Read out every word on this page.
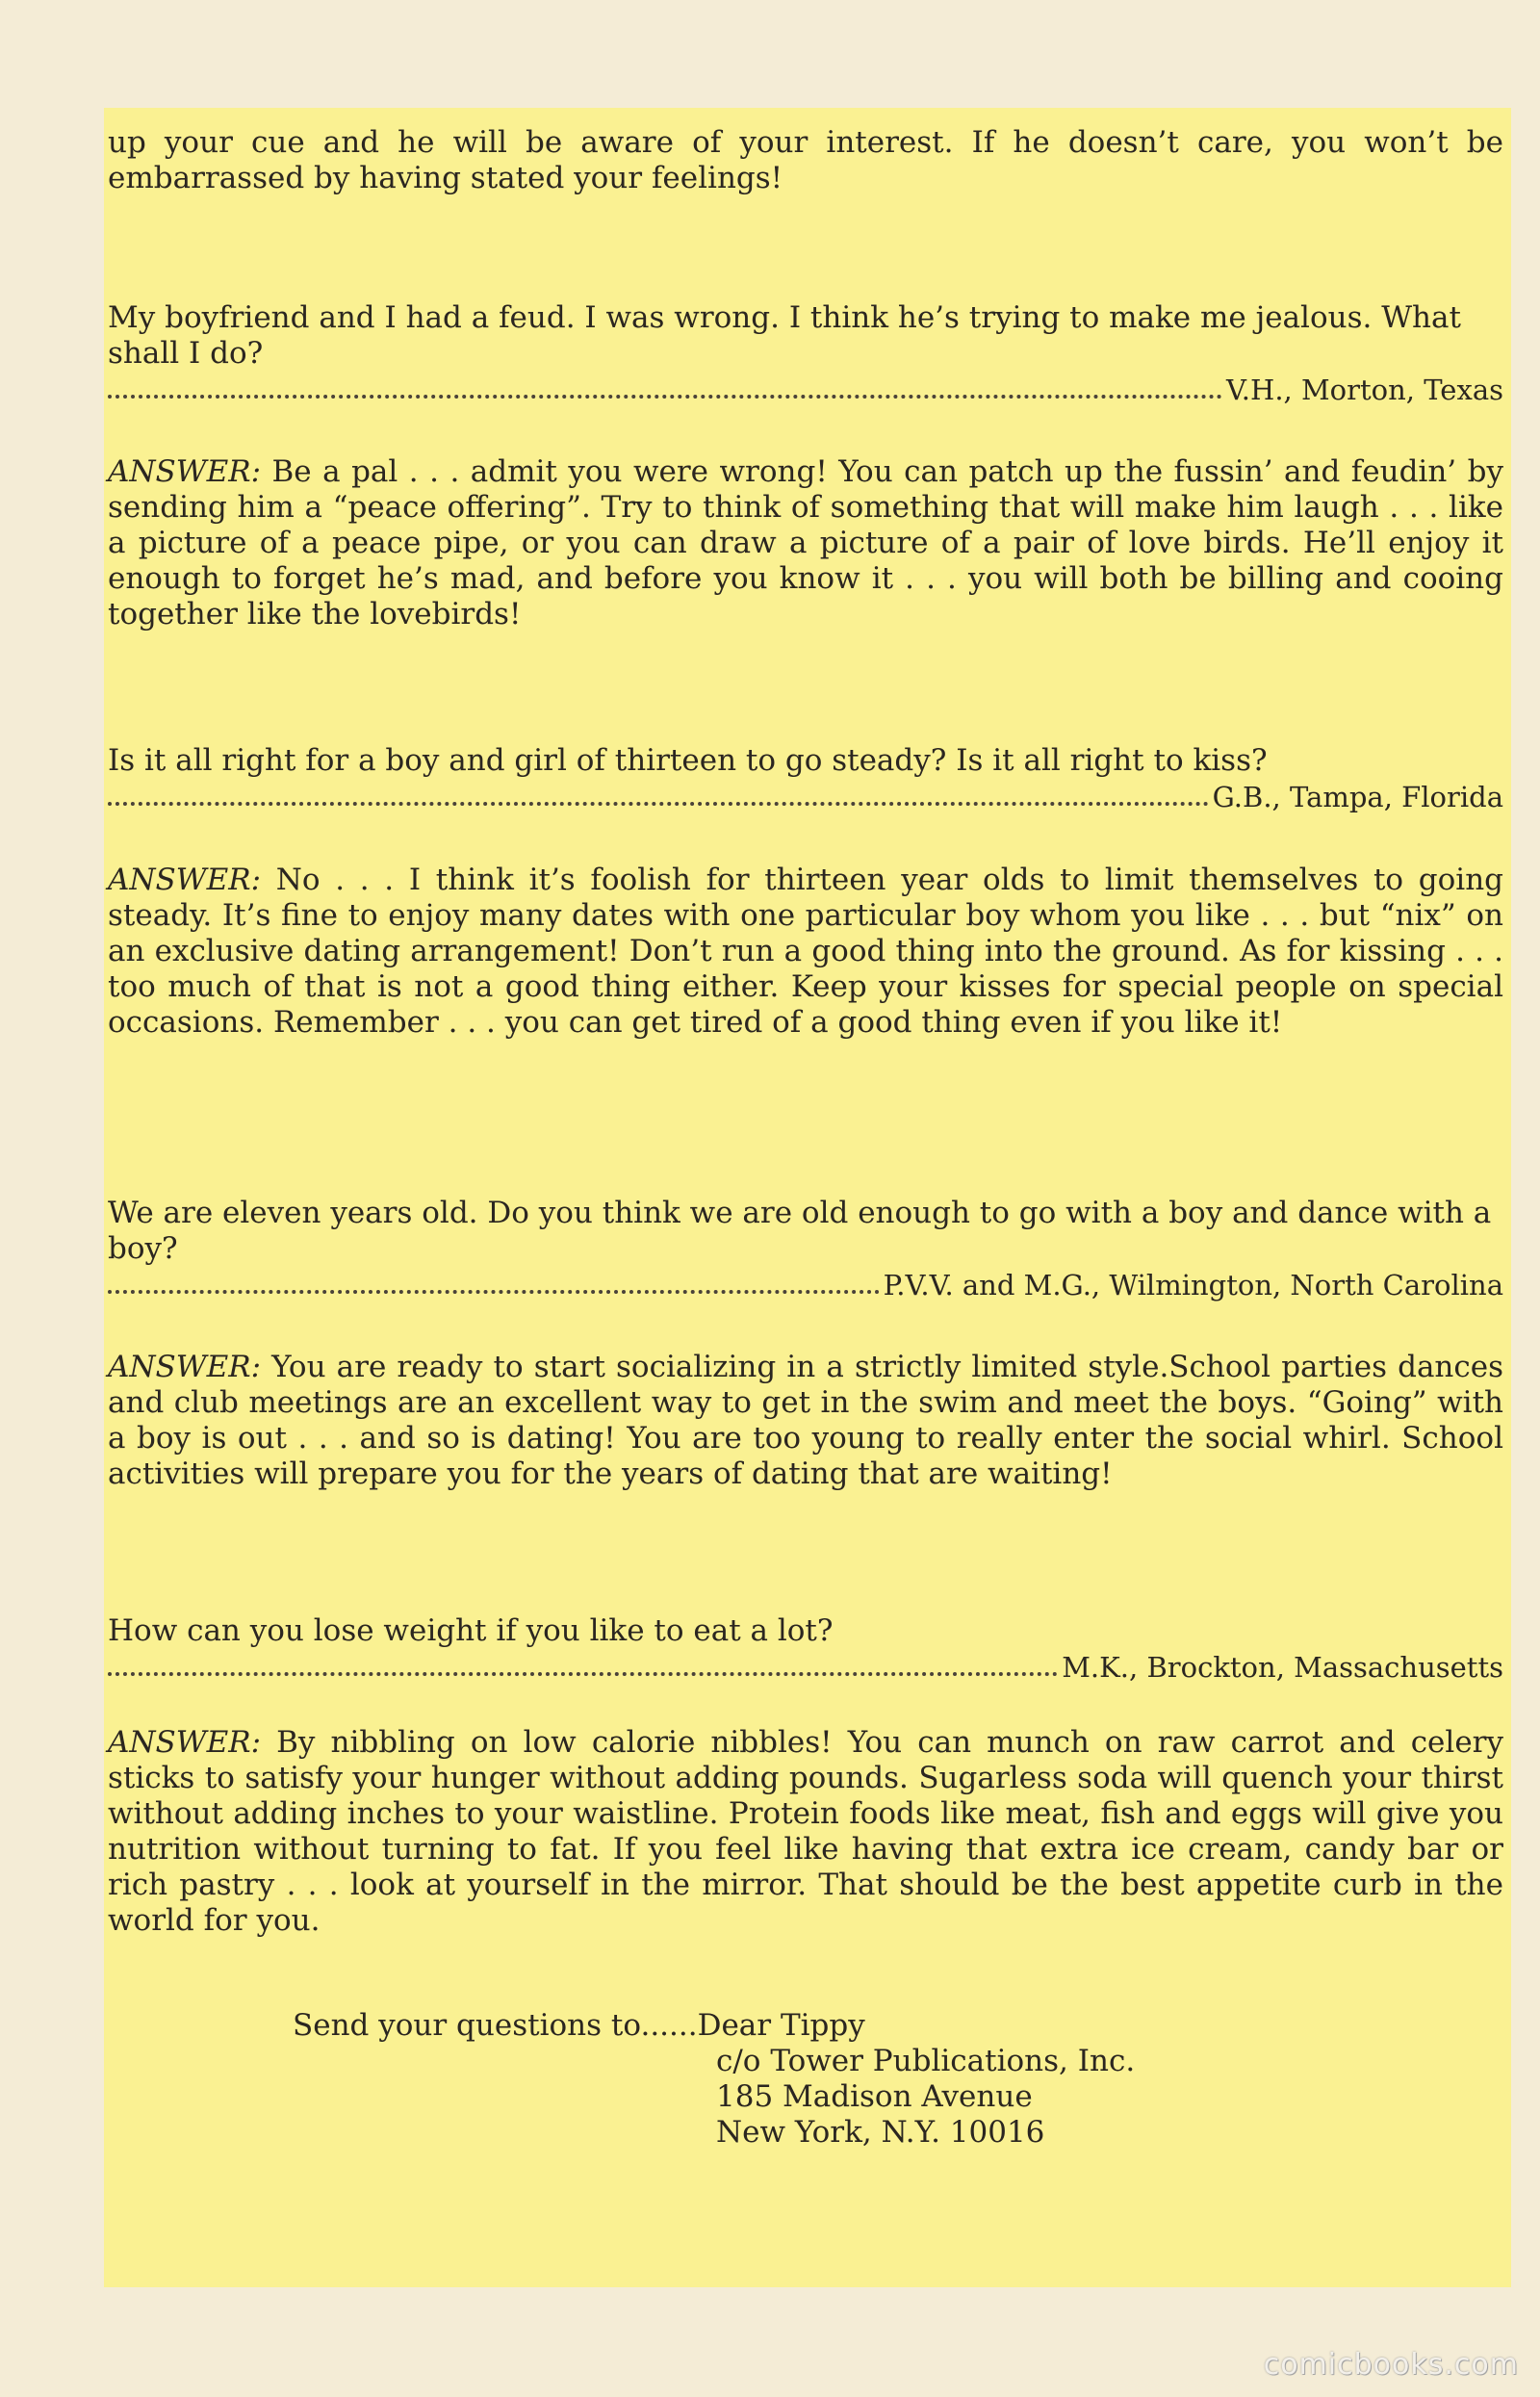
up your cue and he will be aware of your interest. If he doesn’t care, you won’t be embarrassed by having stated your feelings!

My boyfriend and I had a feud. I was wrong. I think he’s trying to make me jealous. What shall I do?

V.H., Morton, Texas

ANSWER: Be a pal . . . admit you were wrong! You can patch up the fussin’ and feudin’ by sending him a “peace offering”. Try to think of something that will make him laugh . . . like a picture of a peace pipe, or you can draw a picture of a pair of love birds. He’ll enjoy it enough to forget he’s mad, and before you know it . . . you will both be billing and cooing together like the lovebirds!

Is it all right for a boy and girl of thirteen to go steady? Is it all right to kiss?

G.B., Tampa, Florida

ANSWER: No . . . I think it’s foolish for thirteen year olds to limit themselves to going steady. It’s fine to enjoy many dates with one particular boy whom you like . . . but “nix” on an exclusive dating arrangement! Don’t run a good thing into the ground. As for kissing . . . too much of that is not a good thing either. Keep your kisses for special people on special occasions. Remember . . . you can get tired of a good thing even if you like it!

We are eleven years old. Do you think we are old enough to go with a boy and dance with a boy?

P.V.V. and M.G., Wilmington, North Carolina

ANSWER: You are ready to start socializing in a strictly limited style.School parties dances and club meetings are an excellent way to get in the swim and meet the boys. “Going” with a boy is out . . . and so is dating! You are too young to really enter the social whirl. School activities will prepare you for the years of dating that are waiting!

How can you lose weight if you like to eat a lot?

M.K., Brockton, Massachusetts

ANSWER: By nibbling on low calorie nibbles! You can munch on raw carrot and celery sticks to satisfy your hunger without adding pounds. Sugarless soda will quench your thirst without adding inches to your waistline. Protein foods like meat, fish and eggs will give you nutrition without turning to fat. If you feel like having that extra ice cream, candy bar or rich pastry . . . look at yourself in the mirror. That should be the best appetite curb in the world for you.

Send your questions to......Dear Tippy
c/o Tower Publications, Inc.
185 Madison Avenue
New York, N.Y. 10016
comicbooks.com
